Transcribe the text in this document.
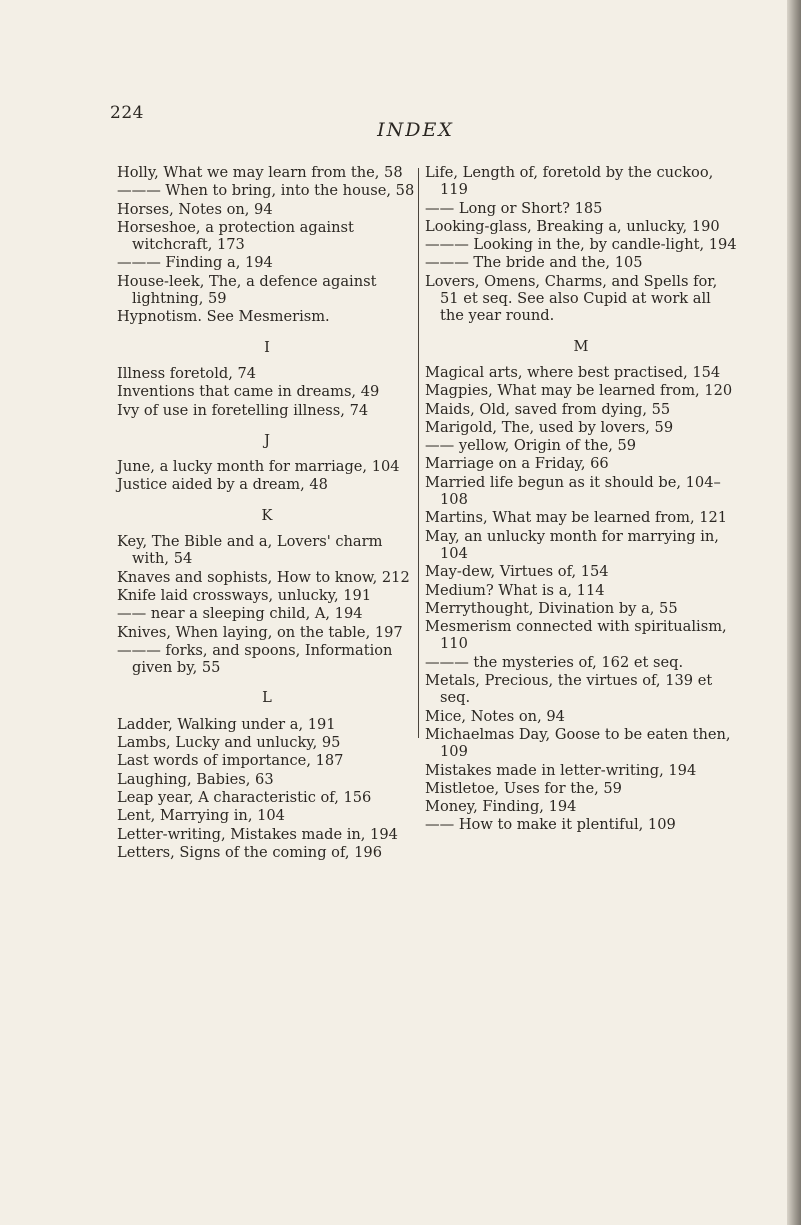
224
INDEX
Holly, What we may learn from the, 58
——— When to bring, into the house, 58
Horses, Notes on, 94
Horseshoe, a protection against witchcraft, 173
——— Finding a, 194
House-leek, The, a defence against lightning, 59
Hypnotism. See Mesmerism.
I
Illness foretold, 74
Inventions that came in dreams, 49
Ivy of use in foretelling illness, 74
J
June, a lucky month for marriage, 104
Justice aided by a dream, 48
K
Key, The Bible and a, Lovers' charm with, 54
Knaves and sophists, How to know, 212
Knife laid crossways, unlucky, 191
—— near a sleeping child, A, 194
Knives, When laying, on the table, 197
——— forks, and spoons, Information given by, 55
L
Ladder, Walking under a, 191
Lambs, Lucky and unlucky, 95
Last words of importance, 187
Laughing, Babies, 63
Leap year, A characteristic of, 156
Lent, Marrying in, 104
Letter-writing, Mistakes made in, 194
Letters, Signs of the coming of, 196
Life, Length of, foretold by the cuckoo, 119
—— Long or Short? 185
Looking-glass, Breaking a, unlucky, 190
——— Looking in the, by candle-light, 194
——— The bride and the, 105
Lovers, Omens, Charms, and Spells for, 51 et seq. See also Cupid at work all the year round.
M
Magical arts, where best practised, 154
Magpies, What may be learned from, 120
Maids, Old, saved from dying, 55
Marigold, The, used by lovers, 59
—— yellow, Origin of the, 59
Marriage on a Friday, 66
Married life begun as it should be, 104–108
Martins, What may be learned from, 121
May, an unlucky month for marrying in, 104
May-dew, Virtues of, 154
Medium? What is a, 114
Merrythought, Divination by a, 55
Mesmerism connected with spiritualism, 110
——— the mysteries of, 162 et seq.
Metals, Precious, the virtues of, 139 et seq.
Mice, Notes on, 94
Michaelmas Day, Goose to be eaten then, 109
Mistakes made in letter-writing, 194
Mistletoe, Uses for the, 59
Money, Finding, 194
—— How to make it plentiful, 109
